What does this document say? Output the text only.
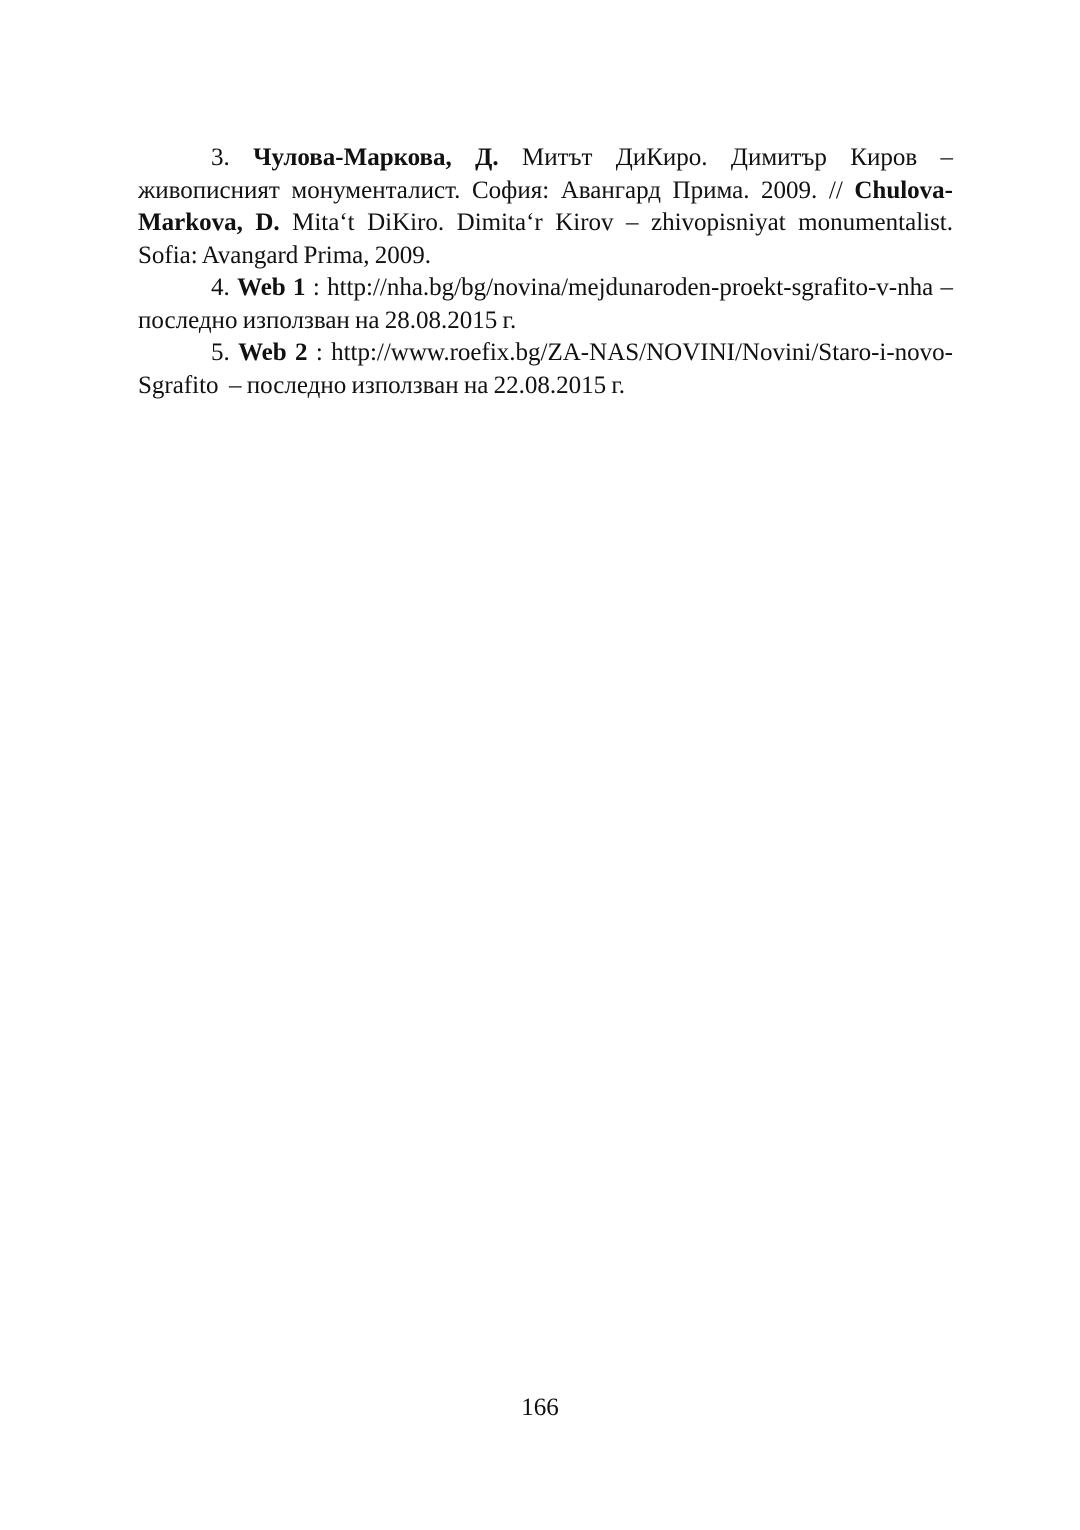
3. Чулова-Маркова, Д. Митът ДиКиро. Димитър Киров – живописният монументалист. София: Авангард Прима. 2009. // Chulova-Markova, D. Mita‘t DiKiro. Dimita‘r Kirov – zhivopisniyat monumentalist. Sofia: Avangard Prima, 2009.

4. Web 1 : http://nha.bg/bg/novina/mejdunaroden-proekt-sgrafito-v-nha – последно използван на 28.08.2015 г.

5. Web 2 : http://www.roefix.bg/ZA-NAS/NOVINI/Novini/Staro-i-novo-Sgrafito – последно използван на 22.08.2015 г.

166
